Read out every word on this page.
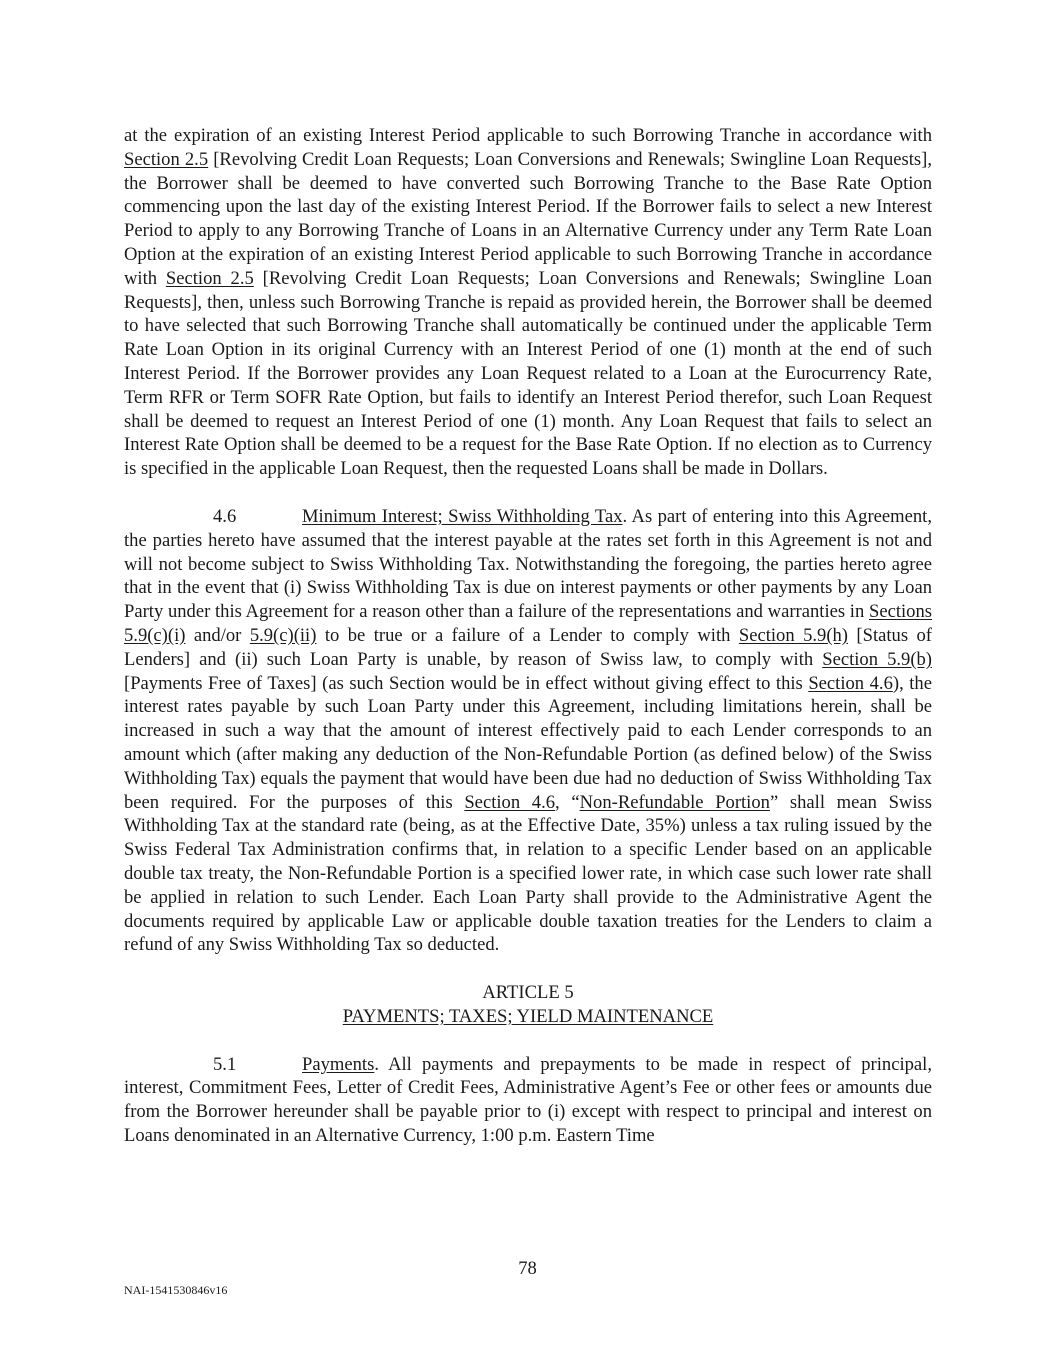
at the expiration of an existing Interest Period applicable to such Borrowing Tranche in accordance with Section 2.5 [Revolving Credit Loan Requests; Loan Conversions and Renewals; Swingline Loan Requests], the Borrower shall be deemed to have converted such Borrowing Tranche to the Base Rate Option commencing upon the last day of the existing Interest Period. If the Borrower fails to select a new Interest Period to apply to any Borrowing Tranche of Loans in an Alternative Currency under any Term Rate Loan Option at the expiration of an existing Interest Period applicable to such Borrowing Tranche in accordance with Section 2.5 [Revolving Credit Loan Requests; Loan Conversions and Renewals; Swingline Loan Requests], then, unless such Borrowing Tranche is repaid as provided herein, the Borrower shall be deemed to have selected that such Borrowing Tranche shall automatically be continued under the applicable Term Rate Loan Option in its original Currency with an Interest Period of one (1) month at the end of such Interest Period. If the Borrower provides any Loan Request related to a Loan at the Eurocurrency Rate, Term RFR or Term SOFR Rate Option, but fails to identify an Interest Period therefor, such Loan Request shall be deemed to request an Interest Period of one (1) month. Any Loan Request that fails to select an Interest Rate Option shall be deemed to be a request for the Base Rate Option. If no election as to Currency is specified in the applicable Loan Request, then the requested Loans shall be made in Dollars.

4.6	Minimum Interest; Swiss Withholding Tax. As part of entering into this Agreement, the parties hereto have assumed that the interest payable at the rates set forth in this Agreement is not and will not become subject to Swiss Withholding Tax. Notwithstanding the foregoing, the parties hereto agree that in the event that (i) Swiss Withholding Tax is due on interest payments or other payments by any Loan Party under this Agreement for a reason other than a failure of the representations and warranties in Sections 5.9(c)(i) and/or 5.9(c)(ii) to be true or a failure of a Lender to comply with Section 5.9(h) [Status of Lenders] and (ii) such Loan Party is unable, by reason of Swiss law, to comply with Section 5.9(b) [Payments Free of Taxes] (as such Section would be in effect without giving effect to this Section 4.6), the interest rates payable by such Loan Party under this Agreement, including limitations herein, shall be increased in such a way that the amount of interest effectively paid to each Lender corresponds to an amount which (after making any deduction of the Non-Refundable Portion (as defined below) of the Swiss Withholding Tax) equals the payment that would have been due had no deduction of Swiss Withholding Tax been required. For the purposes of this Section 4.6, “Non-Refundable Portion” shall mean Swiss Withholding Tax at the standard rate (being, as at the Effective Date, 35%) unless a tax ruling issued by the Swiss Federal Tax Administration confirms that, in relation to a specific Lender based on an applicable double tax treaty, the Non-Refundable Portion is a specified lower rate, in which case such lower rate shall be applied in relation to such Lender. Each Loan Party shall provide to the Administrative Agent the documents required by applicable Law or applicable double taxation treaties for the Lenders to claim a refund of any Swiss Withholding Tax so deducted.

ARTICLE 5

PAYMENTS; TAXES; YIELD MAINTENANCE

5.1	Payments. All payments and prepayments to be made in respect of principal, interest, Commitment Fees, Letter of Credit Fees, Administrative Agent’s Fee or other fees or amounts due from the Borrower hereunder shall be payable prior to (i) except with respect to principal and interest on Loans denominated in an Alternative Currency, 1:00 p.m. Eastern Time

78
NAI-1541530846v16
